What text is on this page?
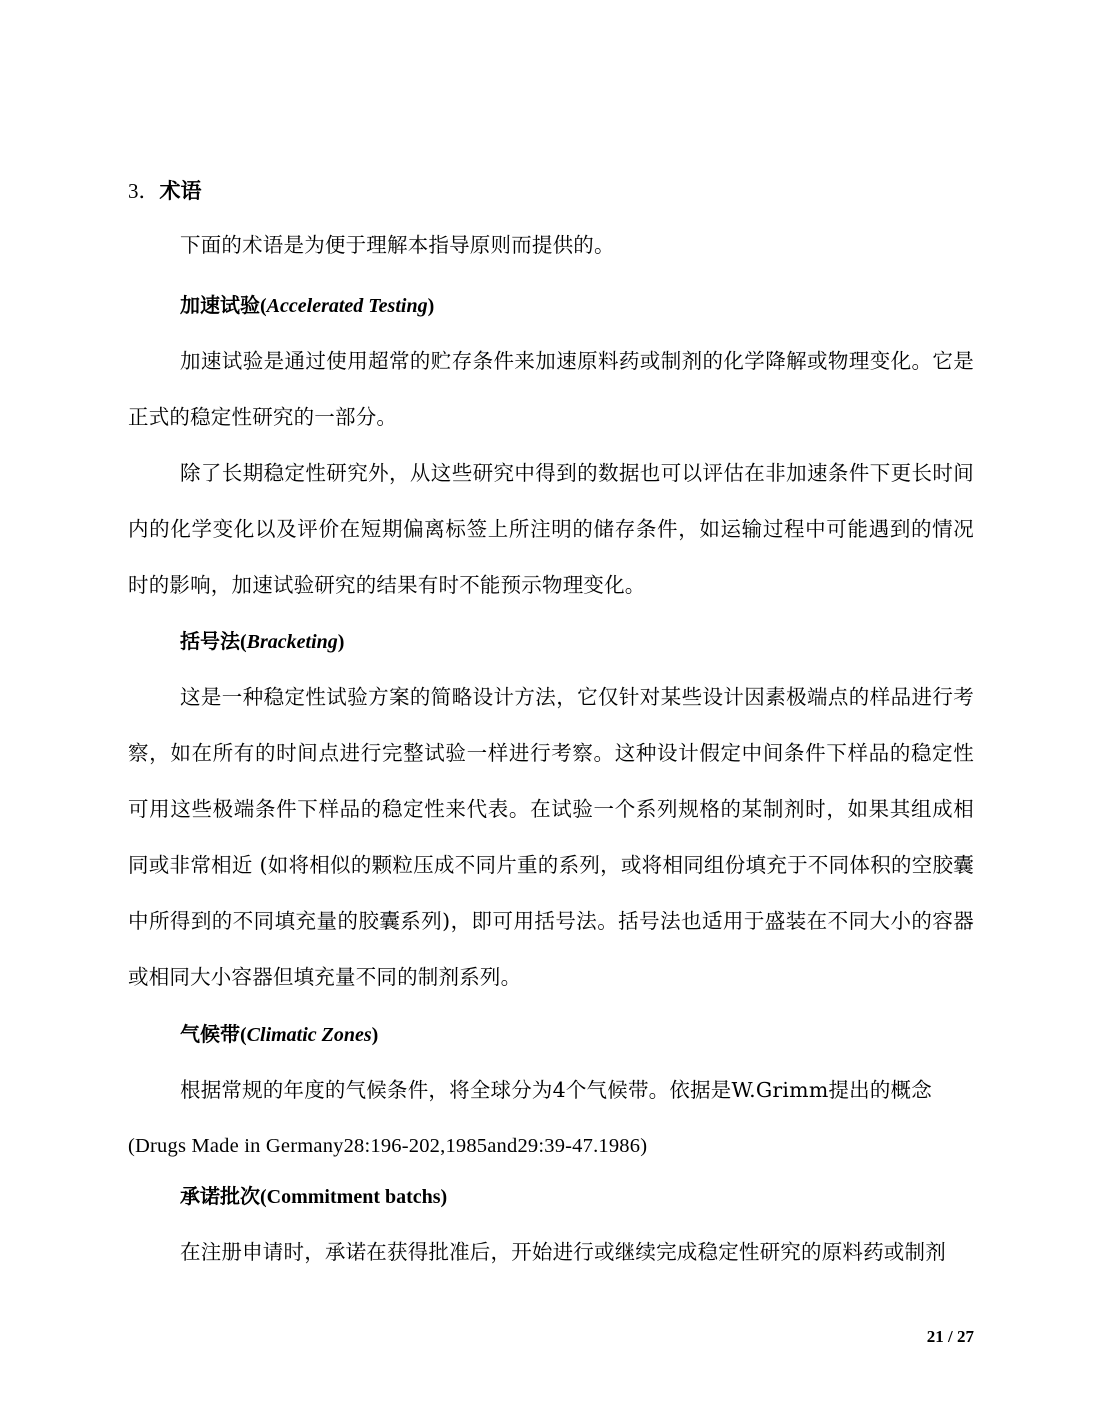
3．术语

下面的术语是为便于理解本指导原则而提供的。

加速试验(Accelerated Testing)

加速试验是通过使用超常的贮存条件来加速原料药或制剂的化学降解或物理变化。它是正式的稳定性研究的一部分。

除了长期稳定性研究外，从这些研究中得到的数据也可以评估在非加速条件下更长时间内的化学变化以及评价在短期偏离标签上所注明的储存条件，如运输过程中可能遇到的情况时的影响，加速试验研究的结果有时不能预示物理变化。

括号法(Bracketing)

这是一种稳定性试验方案的简略设计方法，它仅针对某些设计因素极端点的样品进行考察，如在所有的时间点进行完整试验一样进行考察。这种设计假定中间条件下样品的稳定性可用这些极端条件下样品的稳定性来代表。在试验一个系列规格的某制剂时，如果其组成相同或非常相近 (如将相似的颗粒压成不同片重的系列，或将相同组份填充于不同体积的空胶囊中所得到的不同填充量的胶囊系列)，即可用括号法。括号法也适用于盛装在不同大小的容器或相同大小容器但填充量不同的制剂系列。

气候带(Climatic Zones)

根据常规的年度的气候条件，将全球分为4个气候带。依据是W.Grimm提出的概念

(Drugs Made in Germany28:196-202,1985and29:39-47.1986)

承诺批次(Commitment batchs)

在注册申请时，承诺在获得批准后，开始进行或继续完成稳定性研究的原料药或制剂

21 / 27
